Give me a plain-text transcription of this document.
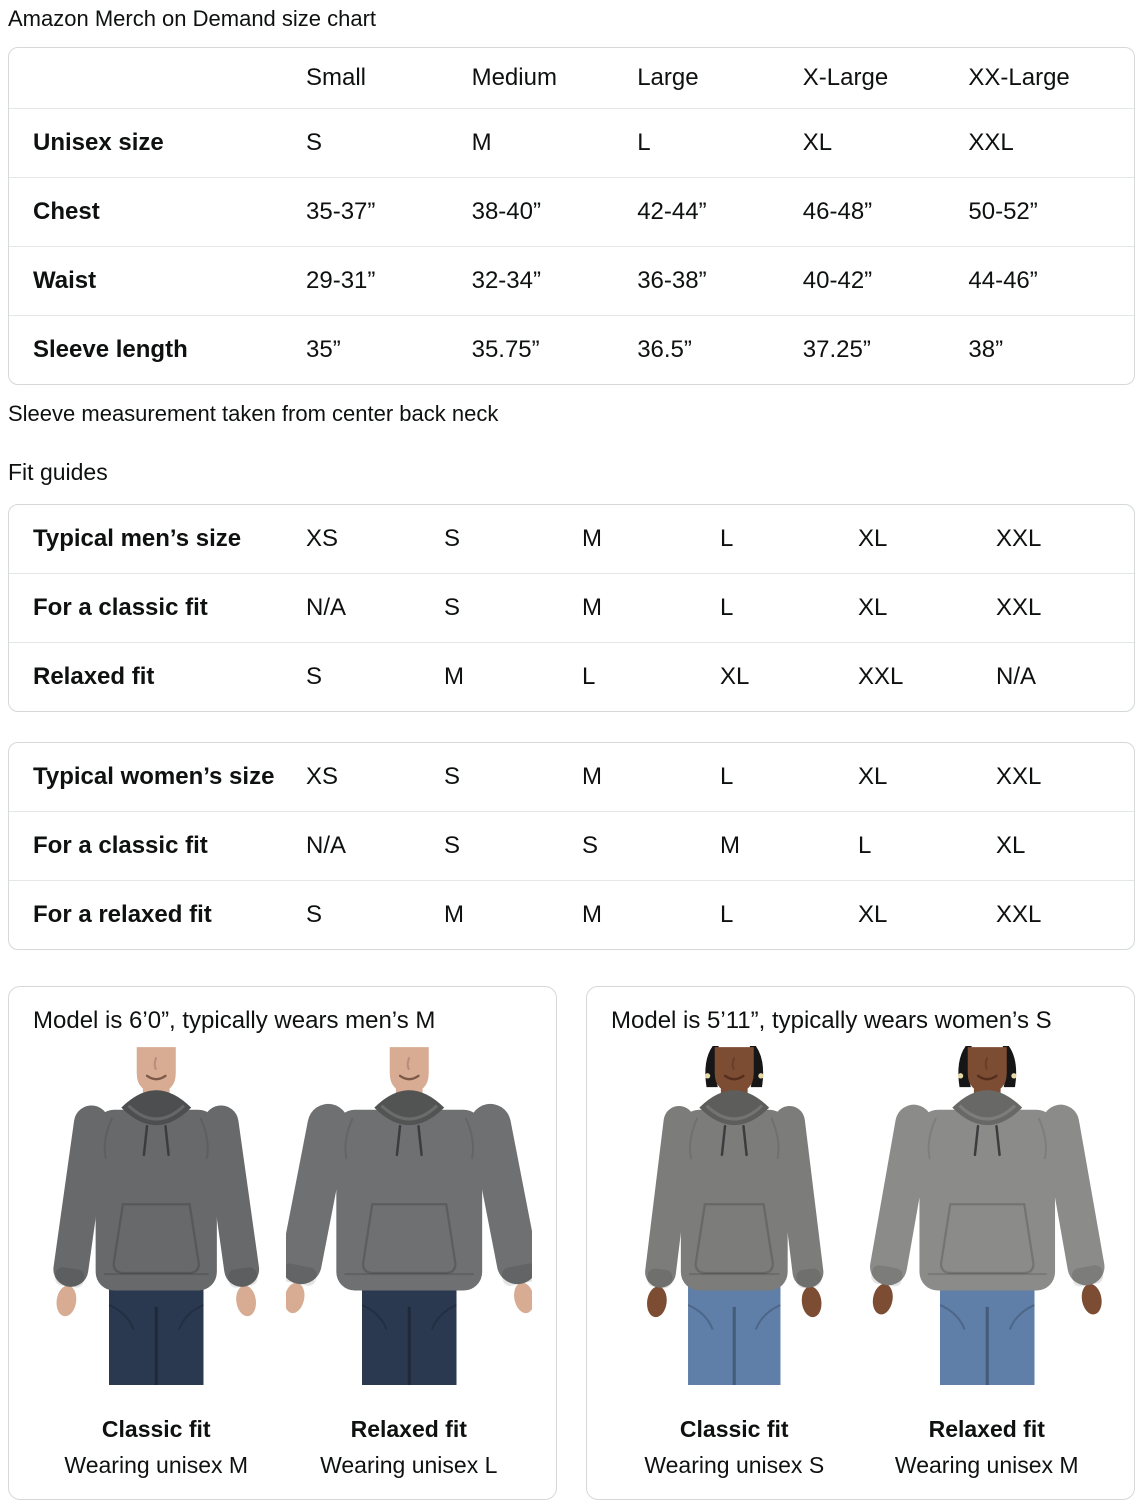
Amazon Merch on Demand size chart
	Small	Medium	Large	X-Large	XX-Large
Unisex size	S	M	L	XL	XXL
Chest	35-37”	38-40”	42-44”	46-48”	50-52”
Waist	29-31”	32-34”	36-38”	40-42”	44-46”
Sleeve length	35”	35.75”	36.5”	37.25”	38”
Sleeve measurement taken from center back neck
Fit guides
Typical men’s size	XS	S	M	L	XL	XXL
For a classic fit	N/A	S	M	L	XL	XXL
Relaxed fit	S	M	L	XL	XXL	N/A
Typical women’s size	XS	S	M	L	XL	XXL
For a classic fit	N/A	S	S	M	L	XL
For a relaxed fit	S	M	M	L	XL	XXL
Model is 6’0”, typically wears men’s M
Classic fit
Wearing unisex M
Relaxed fit
Wearing unisex L
Model is 5’11”, typically wears women’s S
Classic fit
Wearing unisex S
Relaxed fit
Wearing unisex M
